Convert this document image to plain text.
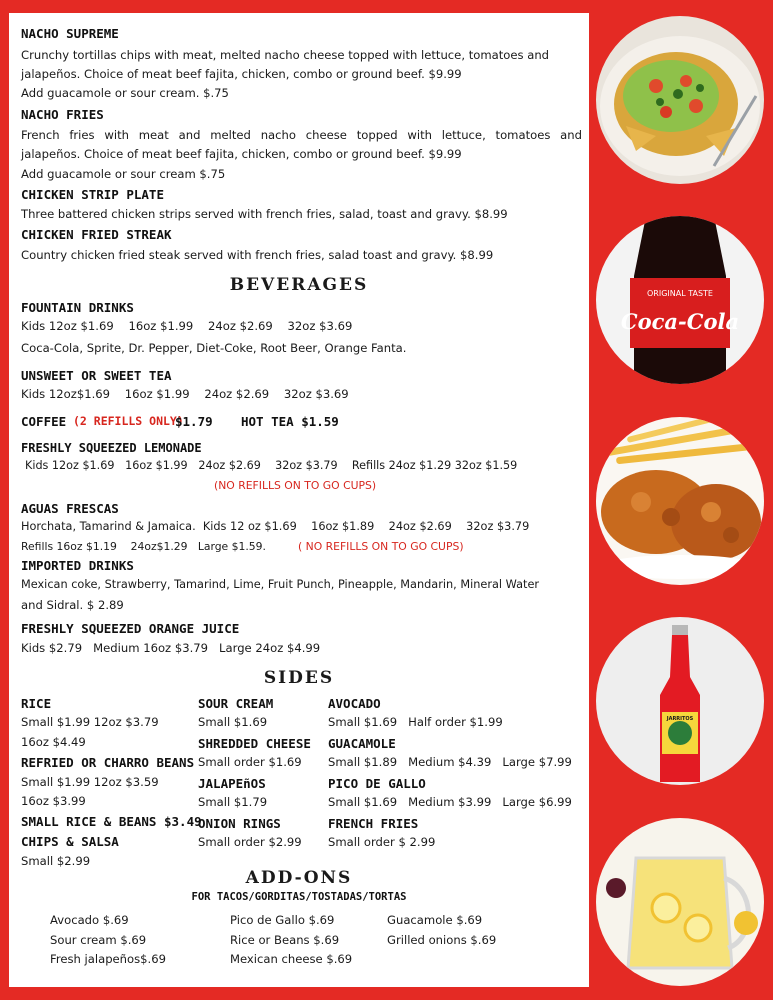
NACHO SUPREME
Crunchy tortillas chips with meat, melted nacho cheese topped with lettuce, tomatoes and
jalapeños. Choice of meat beef fajita, chicken, combo or ground beef. $9.99
Add guacamole or sour cream. $.75
NACHO FRIES
French fries with meat and melted nacho cheese topped with lettuce, tomatoes and
jalapeños. Choice of meat beef fajita, chicken, combo or ground beef. $9.99
Add guacamole or sour cream $.75
CHICKEN STRIP PLATE
Three battered chicken strips served with french fries, salad, toast and gravy. $8.99
CHICKEN FRIED STREAK
Country chicken fried steak served with french fries, salad toast and gravy. $8.99
BEVERAGES
FOUNTAIN DRINKS
Kids 12oz $1.69    16oz $1.99    24oz $2.69    32oz $3.69
Coca-Cola, Sprite, Dr. Pepper, Diet-Coke, Root Beer, Orange Fanta.
UNSWEET OR SWEET TEA
Kids 12oz$1.69    16oz $1.99    24oz $2.69    32oz $3.69
COFFEE (2 REFILLS ONLY)
$1.79 HOT TEA $1.59
FRESHLY SQUEEZED LEMONADE
Kids 12oz $1.69   16oz $1.99   24oz $2.69    32oz $3.79    Refills 24oz $1.29 32oz $1.59
(NO REFILLS ON TO GO CUPS)
AGUAS FRESCAS
Horchata, Tamarind & Jamaica.  Kids 12 oz $1.69    16oz $1.89    24oz $2.69    32oz $3.79
Refills 16oz $1.19    24oz$1.29   Large $1.59.	( NO REFILLS ON TO GO CUPS)
IMPORTED DRINKS
Mexican coke, Strawberry, Tamarind, Lime, Fruit Punch, Pineapple, Mandarin, Mineral Water
and Sidral. $ 2.89
FRESHLY SQUEEZED ORANGE JUICE
Kids $2.79   Medium 16oz $3.79   Large 24oz $4.99
SIDES
RICE
Small $1.99 12oz $3.79
16oz $4.49
REFRIED OR CHARRO BEANS
Small $1.99 12oz $3.59
16oz $3.99
SMALL RICE & BEANS $3.49
CHIPS & SALSA
Small $2.99
SOUR CREAM
Small $1.69
SHREDDED CHEESE
Small order $1.69
JALAPEñOS
Small $1.79
ONION RINGS
Small order $2.99
AVOCADO
Small $1.69   Half order $1.99
GUACAMOLE
Small $1.89   Medium $4.39   Large $7.99
PICO DE GALLO
Small $1.69   Medium $3.99   Large $6.99
FRENCH FRIES
Small order $ 2.99
ADD-ONS
FOR TACOS/GORDITAS/TOSTADAS/TORTAS
Avocado $.69
Sour cream $.69
Fresh jalapeños$.69
Pico de Gallo $.69
Rice or Beans $.69
Mexican cheese $.69
Guacamole $.69
Grilled onions $.69
ORIGINAL TASTE
Coca-Cola
JARRITOS
menu
